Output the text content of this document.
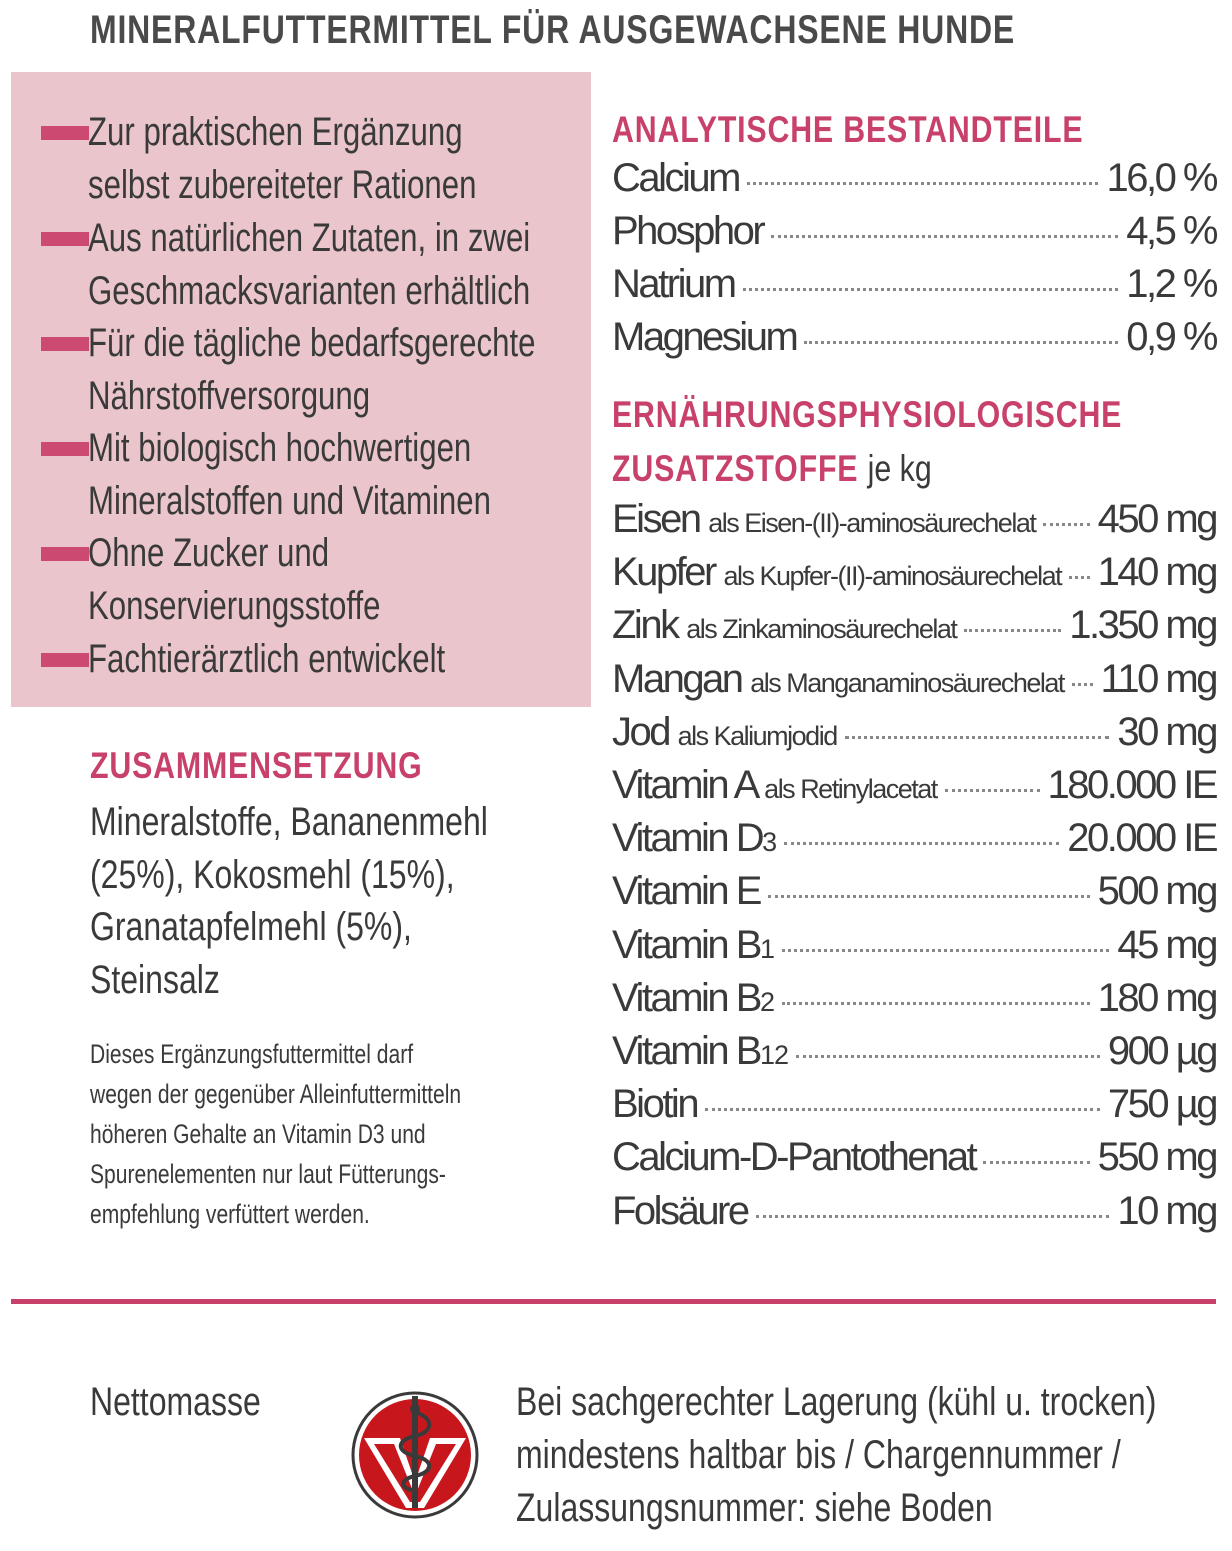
MINERALFUTTERMITTEL FÜR AUSGEWACHSENE HUNDE
Zur praktischen Ergänzung
selbst zubereiteter Rationen
Aus natürlichen Zutaten, in zwei
Geschmacksvarianten erhältlich
Für die tägliche bedarfsgerechte
Nährstoffversorgung
Mit biologisch hochwertigen
Mineralstoffen und Vitaminen
Ohne Zucker und
Konservierungsstoffe
Fachtierärztlich entwickelt
ZUSAMMENSETZUNG
Mineralstoffe, Bananenmehl
(25%), Kokosmehl (15%),
Granatapfelmehl (5%),
Steinsalz
Dieses Ergänzungsfuttermittel darf
wegen der gegenüber Alleinfuttermitteln
höheren Gehalte an Vitamin D3 und
Spurenelementen nur laut Fütterungs-
empfehlung verfüttert werden.
ANALYTISCHE BESTANDTEILE
Calcium	16,0 %
Phosphor	4,5 %
Natrium	1,2 %
Magnesium	0,9 %
ERNÄHRUNGSPHYSIOLOGISCHE
ZUSATZSTOFFE je kg
Eisen als Eisen-(II)-aminosäurechelat 450 mg
Kupfer als Kupfer-(II)-aminosäurechelat 140 mg
Zink als Zinkaminosäurechelat	1.350 mg
Mangan als Manganaminosäurechelat 110 mg
Jod als Kaliumjodid	30 mg
Vitamin A als Retinylacetat	180.000 IE
Vitamin D3	20.000 IE
Vitamin E	500 mg
Vitamin B1	45 mg
Vitamin B2	180 mg
Vitamin B12	900 µg
Biotin	750 µg
Calcium-D-Pantothenat	550 mg
Folsäure	10 mg
Nettomasse	Bei sachgerechter Lagerung (kühl u. trocken)
mindestens haltbar bis / Chargennummer /
Zulassungsnummer: siehe Boden
